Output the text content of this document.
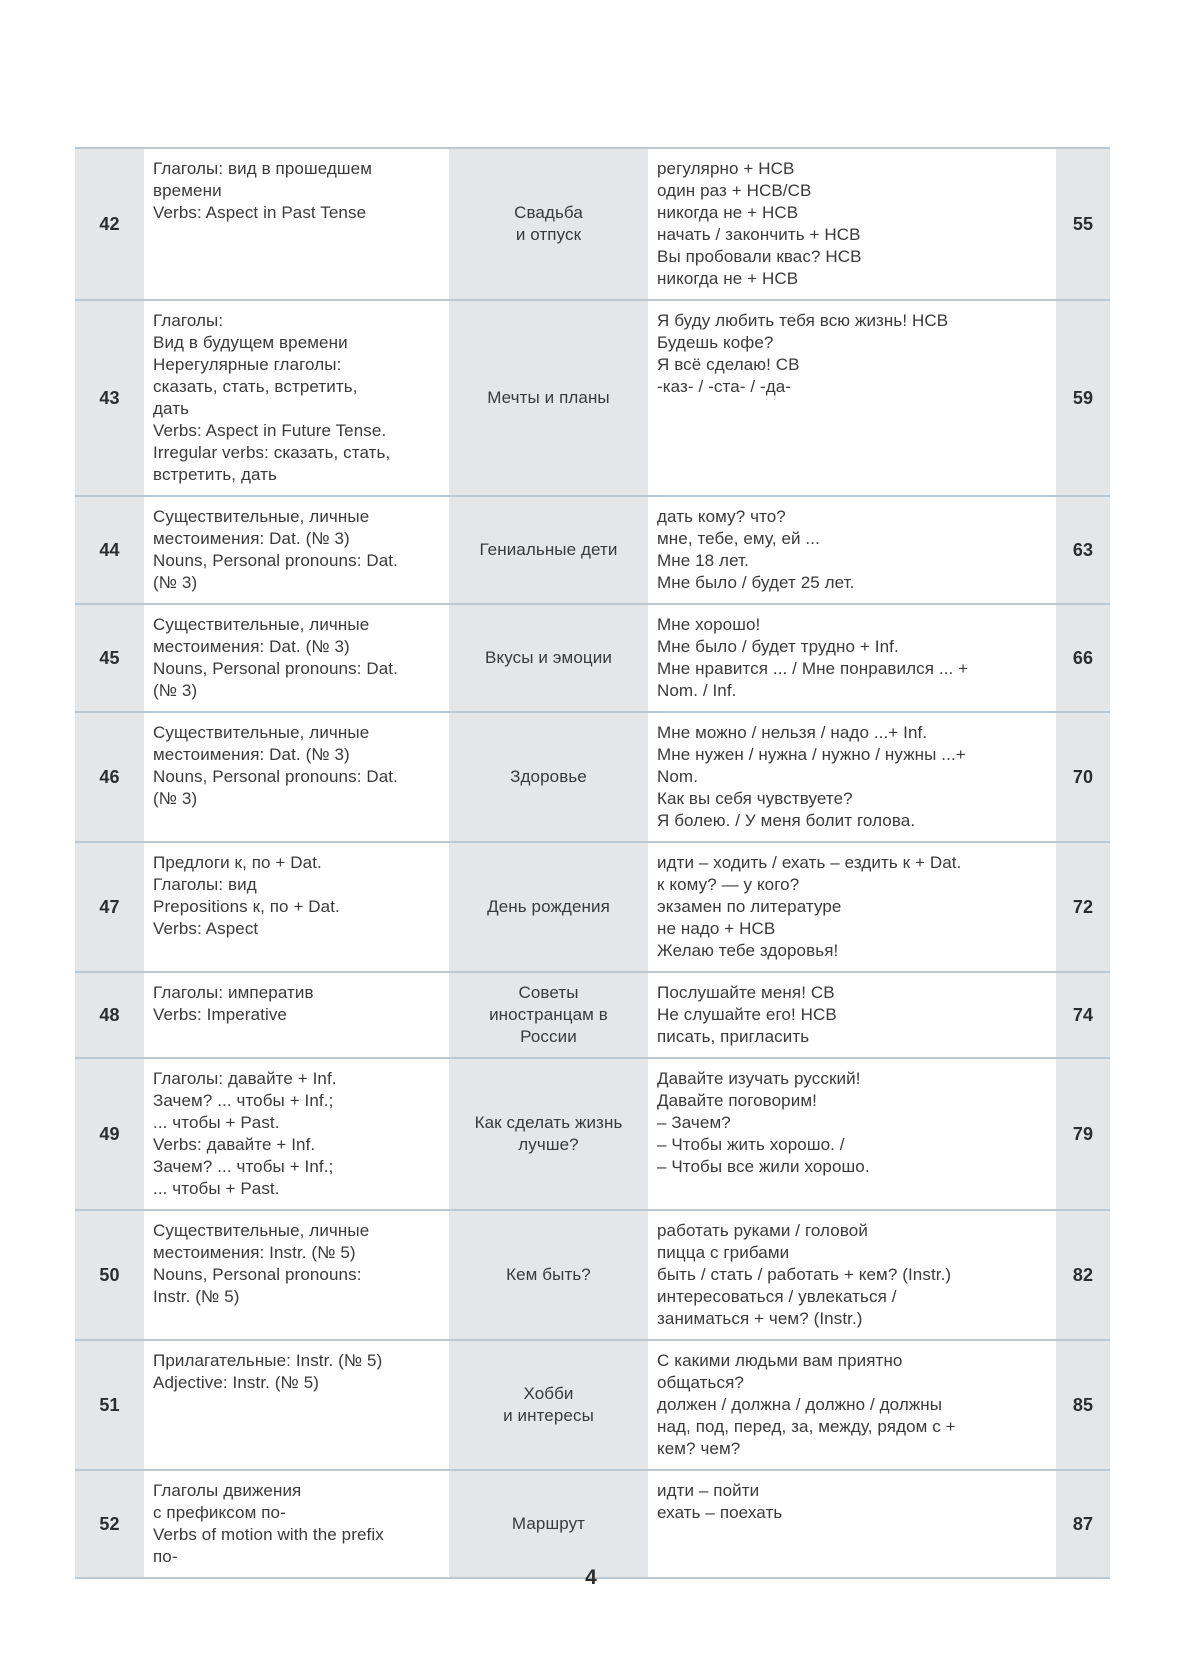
42
Глаголы: вид в прошедшем
времени
Verbs: Aspect in Past Tense	Свадьба
и отпуск
регулярно + НСВ
один раз + НСВ/СВ
никогда не + НСВ
начать / закончить + НСВ
Вы пробовали квас? НСВ
никогда не + НСВ
55
43
Глаголы:
Вид в будущем времени
Нерегулярные глаголы:
сказать, стать, встретить,
дать
Verbs: Aspect in Future Tense.
Irregular verbs: сказать, стать,
встретить, дать
Мечты и планы
Я буду любить тебя всю жизнь! НСВ
Будешь кофе?
Я всё сделаю! СВ
-каз- / -ста- / -да-
59
44
Существительные, личные
местоимения: Dat. (№ 3)
Nouns, Personal pronouns: Dat.
(№ 3)
Гениальные дети
дать кому? что?
мне, тебе, ему, ей ...
Мне 18 лет.
Мне было / будет 25 лет.
63
45
Существительные, личные
местоимения: Dat. (№ 3)
Nouns, Personal pronouns: Dat.
(№ 3)
Вкусы и эмоции
Мне хорошо!
Мне было / будет трудно + Inf.
Мне нравится ... / Мне понравился ... +
Nom. / Inf.
66
46
Существительные, личные
местоимения: Dat. (№ 3)
Nouns, Personal pronouns: Dat.
(№ 3)
Здоровье
Мне можно / нельзя / надо ...+ Inf.
Мне нужен / нужна / нужно / нужны ...+
Nom.
Как вы себя чувствуете?
Я болею. / У меня болит голова.
70
47
Предлоги к, по + Dat.
Глаголы: вид
Prepositions к, по + Dat.
Verbs: Aspect
День рождения
идти – ходить / ехать – ездить к + Dat.
к кому? — у кого?
экзамен по литературе
не надо + НСВ
Желаю тебе здоровья!
72
48
Глаголы: императив
Verbs: Imperative
Советы
иностранцам в
России
Послушайте меня! СВ
Не слушайте его! НСВ
писать, пригласить
74
49
Глаголы: давайте + Inf.
Зачем? ... чтобы + Inf.;
... чтобы + Past.
Verbs: давайте + Inf.
Зачем? ... чтобы + Inf.;
... чтобы + Past.
Как сделать жизнь
лучше?
Давайте изучать русский!
Давайте поговорим!
– Зачем?
– Чтобы жить хорошо. /
– Чтобы все жили хорошо.
79
50
Существительные, личные
местоимения: Instr. (№ 5)
Nouns, Personal pronouns:
Instr. (№ 5)
Кем быть?
работать руками / головой
пицца с грибами
быть / стать / работать + кем? (Instr.)
интересоваться / увлекаться /
заниматься + чем? (Instr.)
82
51
Прилагательные: Instr. (№ 5)
Adjective: Instr. (№ 5)
Хобби
и интересы
С какими людьми вам приятно
общаться?
должен / должна / должно / должны
над, под, перед, за, между, рядом с +
кем? чем?
85
52
Глаголы движения
с префиксом по-
Verbs of motion with the prefix
по-
Маршрут
идти – пойти
ехать – поехать
87
4
